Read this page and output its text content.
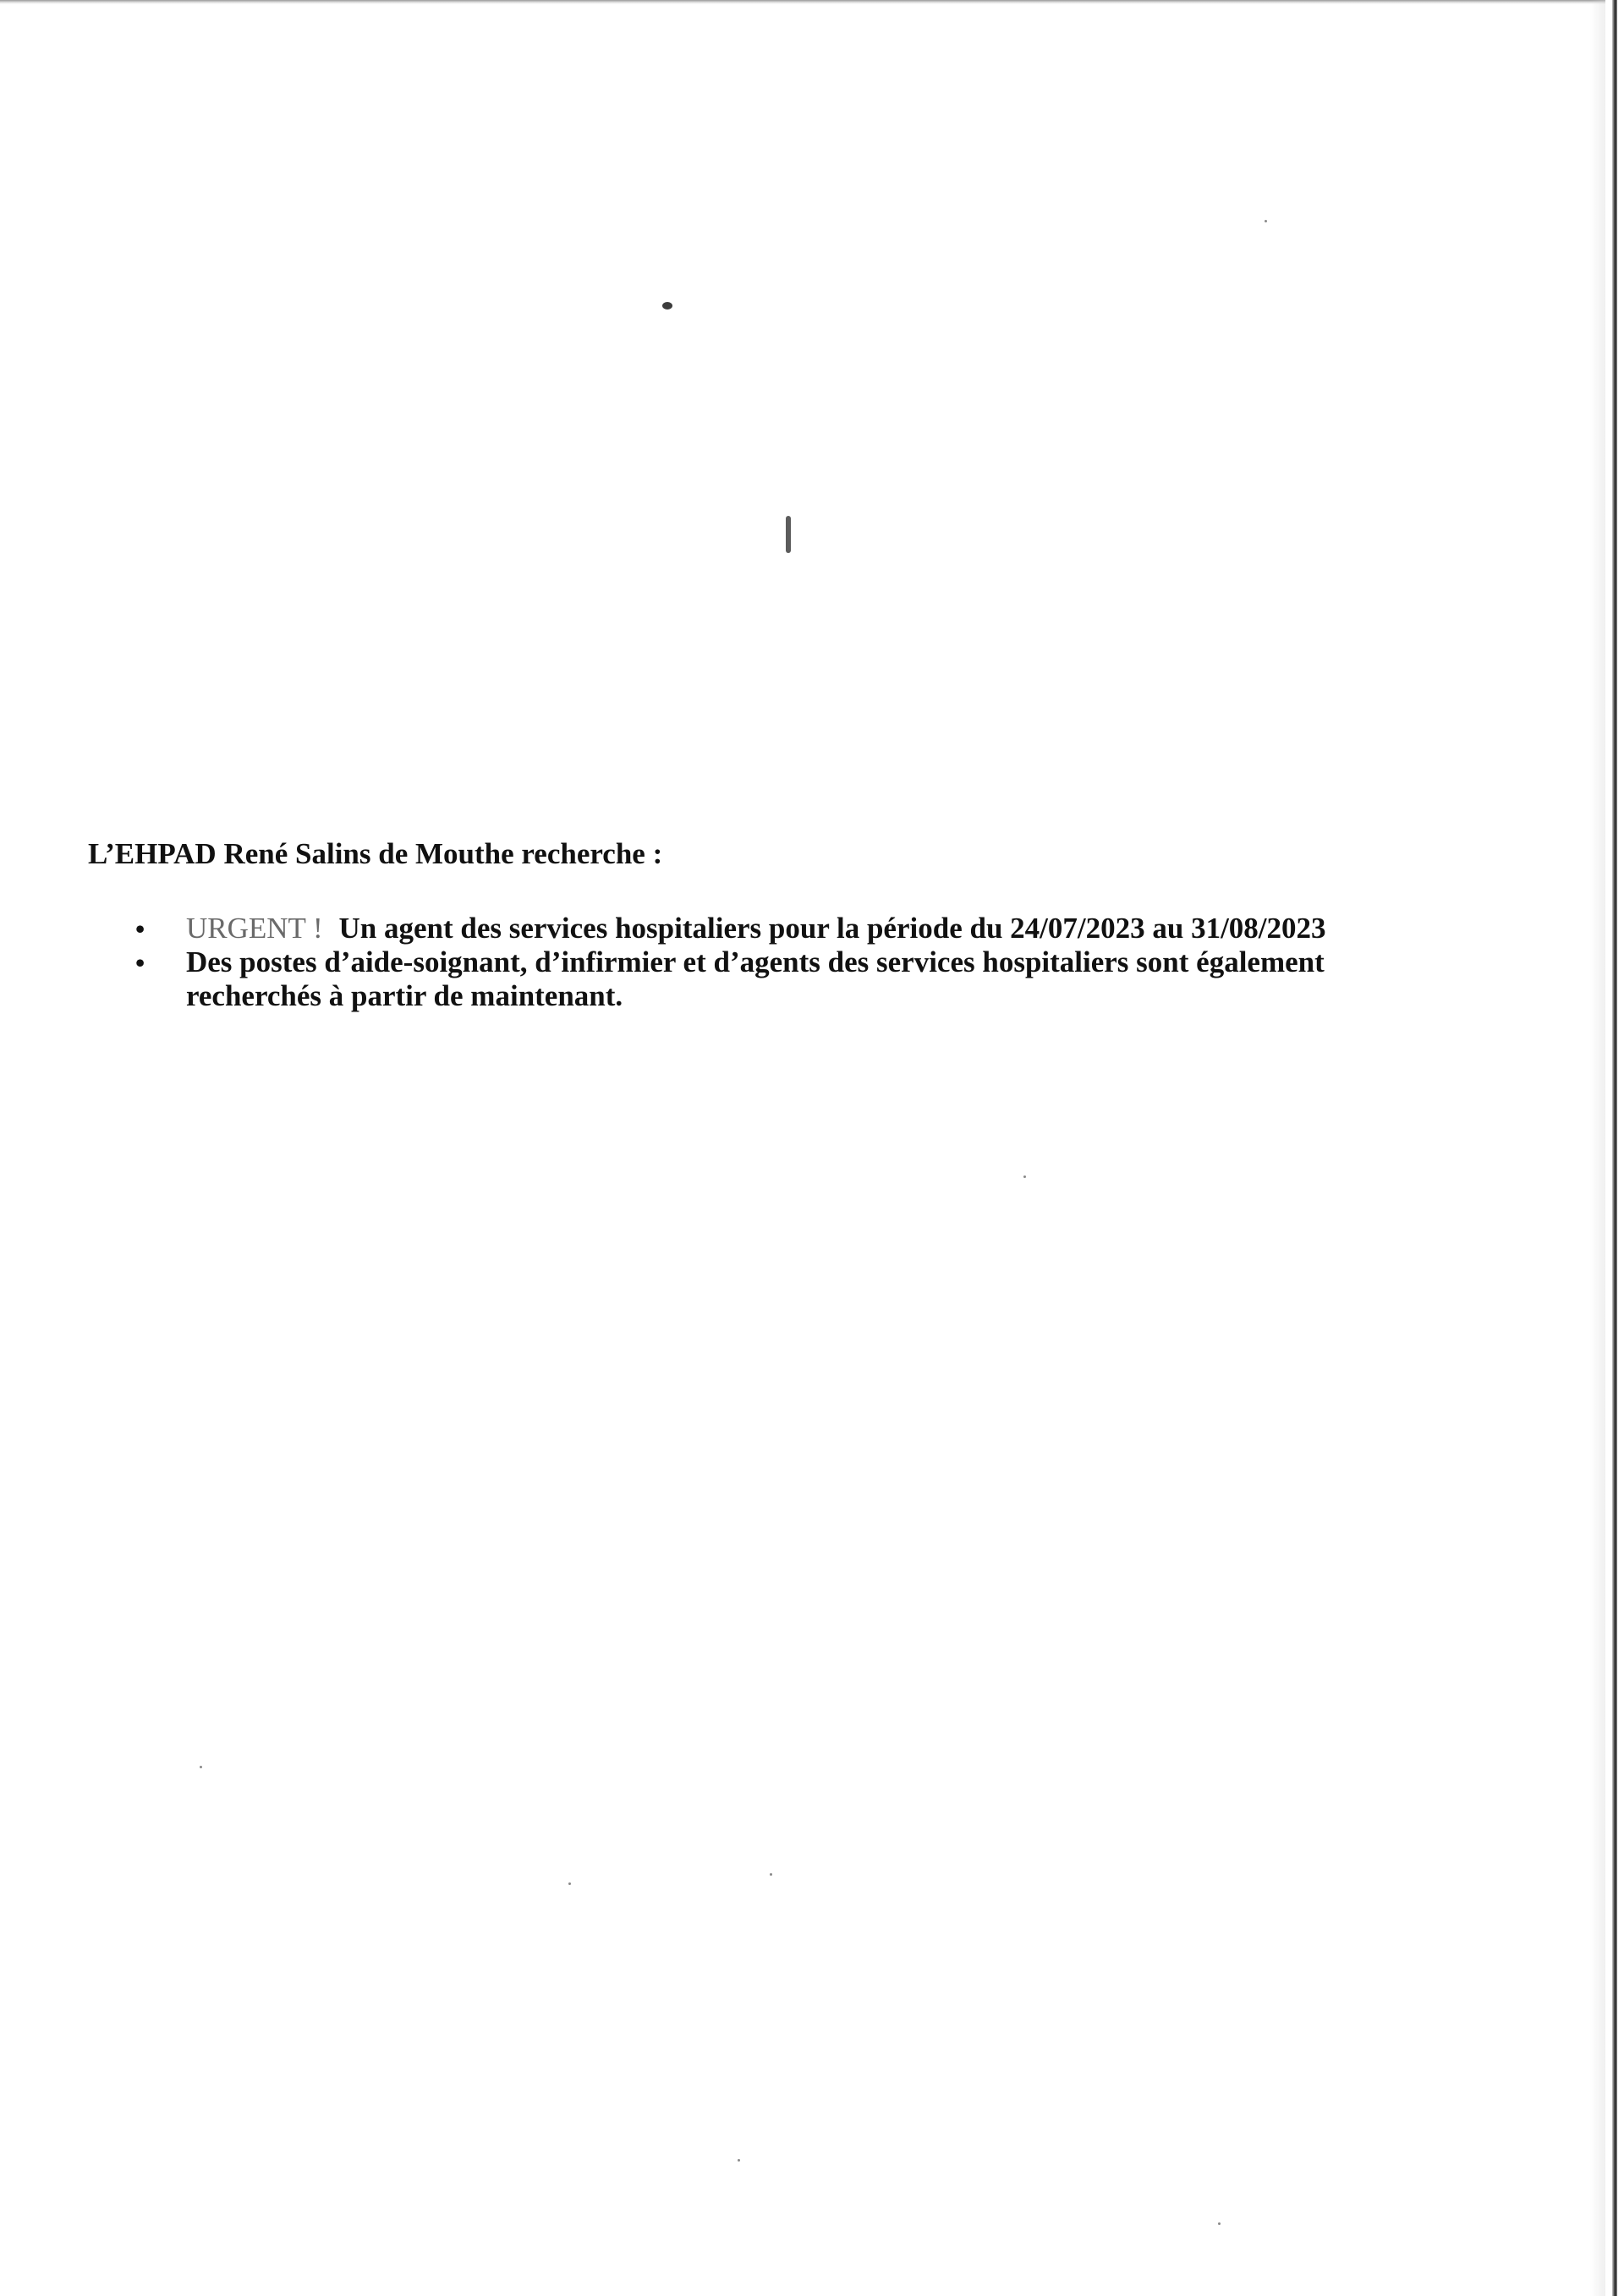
L’EHPAD René Salins de Mouthe recherche :

•	URGENT ! Un agent des services hospitaliers pour la période du 24/07/2023 au 31/08/2023
•	Des postes d’aide-soignant, d’infirmier et d’agents des services hospitaliers sont également recherchés à partir de maintenant.
